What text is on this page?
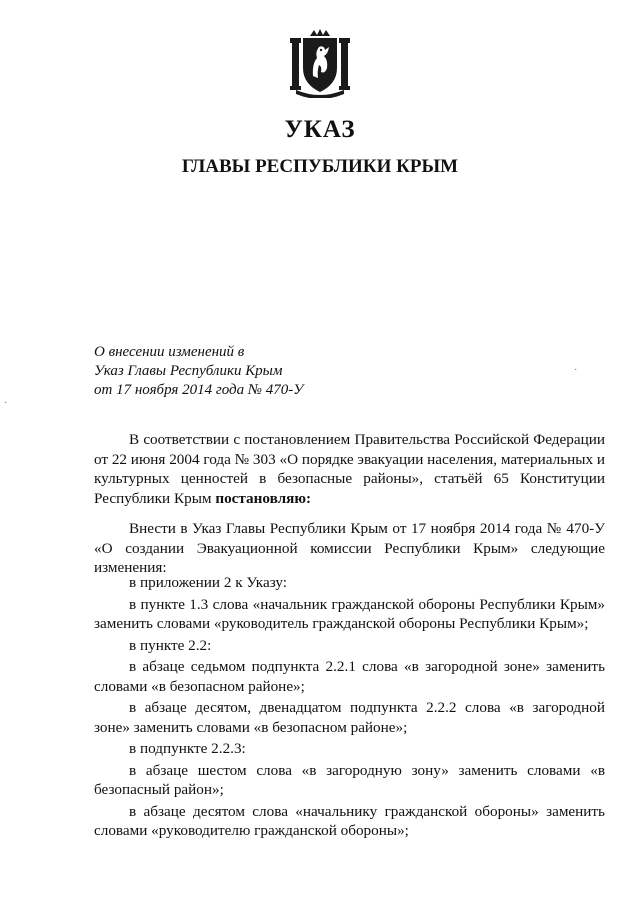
УКАЗ
ГЛАВЫ РЕСПУБЛИКИ КРЫМ
О внесении изменений в
Указ Главы Республики Крым
от 17 ноября 2014 года № 470-У

В соответствии с постановлением Правительства Российской Федерации от 22 июня 2004 года № 303 «О порядке эвакуации населения, материальных и культурных ценностей в безопасные районы», статьёй 65 Конституции Республики Крым постановляю:

Внести в Указ Главы Республики Крым от 17 ноября 2014 года № 470-У «О создании Эвакуационной комиссии Республики Крым» следующие изменения:

в приложении 2 к Указу:

в пункте 1.3 слова «начальник гражданской обороны Республики Крым» заменить словами «руководитель гражданской обороны Республики Крым»;

в пункте 2.2:

в абзаце седьмом подпункта 2.2.1 слова «в загородной зоне» заменить словами «в безопасном районе»;

в абзаце десятом, двенадцатом подпункта 2.2.2 слова «в загородной зоне» заменить словами «в безопасном районе»;

в подпункте 2.2.3:

в абзаце шестом слова «в загородную зону» заменить словами «в безопасный район»;

в абзаце десятом слова «начальнику гражданской обороны» заменить словами «руководителю гражданской обороны»;

·
·
